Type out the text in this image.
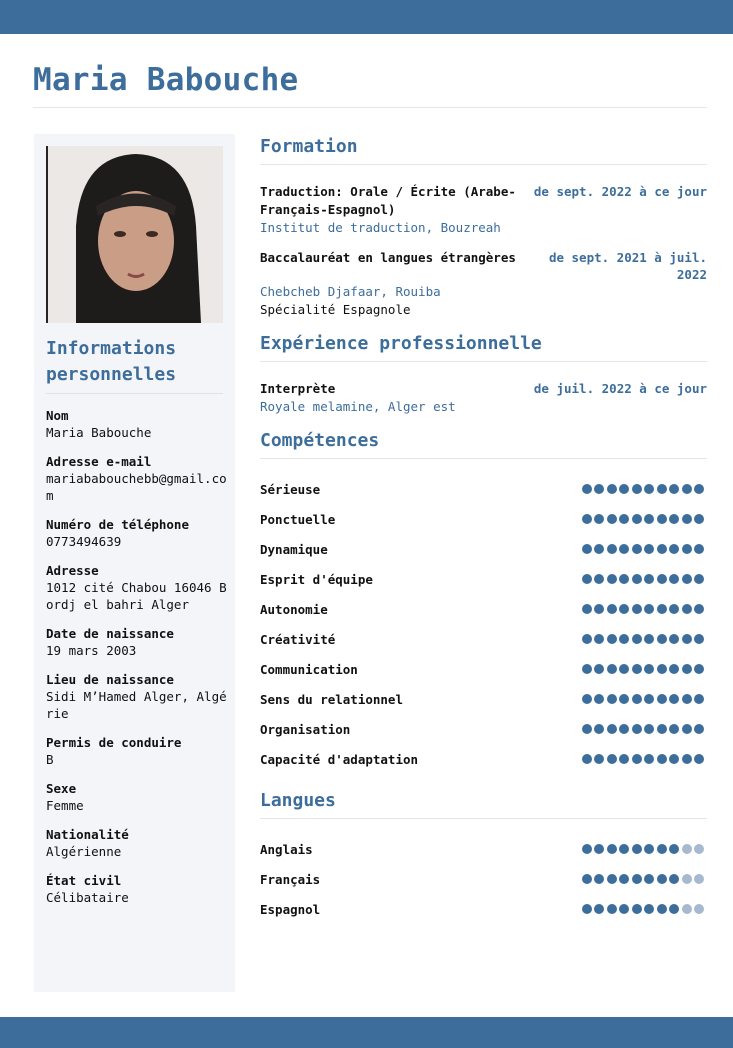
Maria Babouche
Informations personnelles
Nom
Maria Babouche
Adresse e-mail
mariababouchebb@gmail.com
Numéro de téléphone
0773494639
Adresse
1012 cité Chabou 16046 Bordj el bahri Alger
Date de naissance
19 mars 2003
Lieu de naissance
Sidi M’Hamed Alger, Algérie
Permis de conduire
B
Sexe
Femme
Nationalité
Algérienne
État civil
Célibataire
Formation
Traduction: Orale / Écrite (Arabe-Français-Espagnol)
de sept. 2022 à ce jour
Institut de traduction, Bouzreah
Baccalauréat en langues étrangères	de sept. 2021 à juil. 2022
Chebcheb Djafaar, Rouiba
Spécialité Espagnole
Expérience professionnelle
Interprète	de juil. 2022 à ce jour
Royale melamine, Alger est
Compétences
Sérieuse
Ponctuelle
Dynamique
Esprit d'équipe
Autonomie
Créativité
Communication
Sens du relationnel
Organisation
Capacité d'adaptation
Langues
Anglais
Français
Espagnol
